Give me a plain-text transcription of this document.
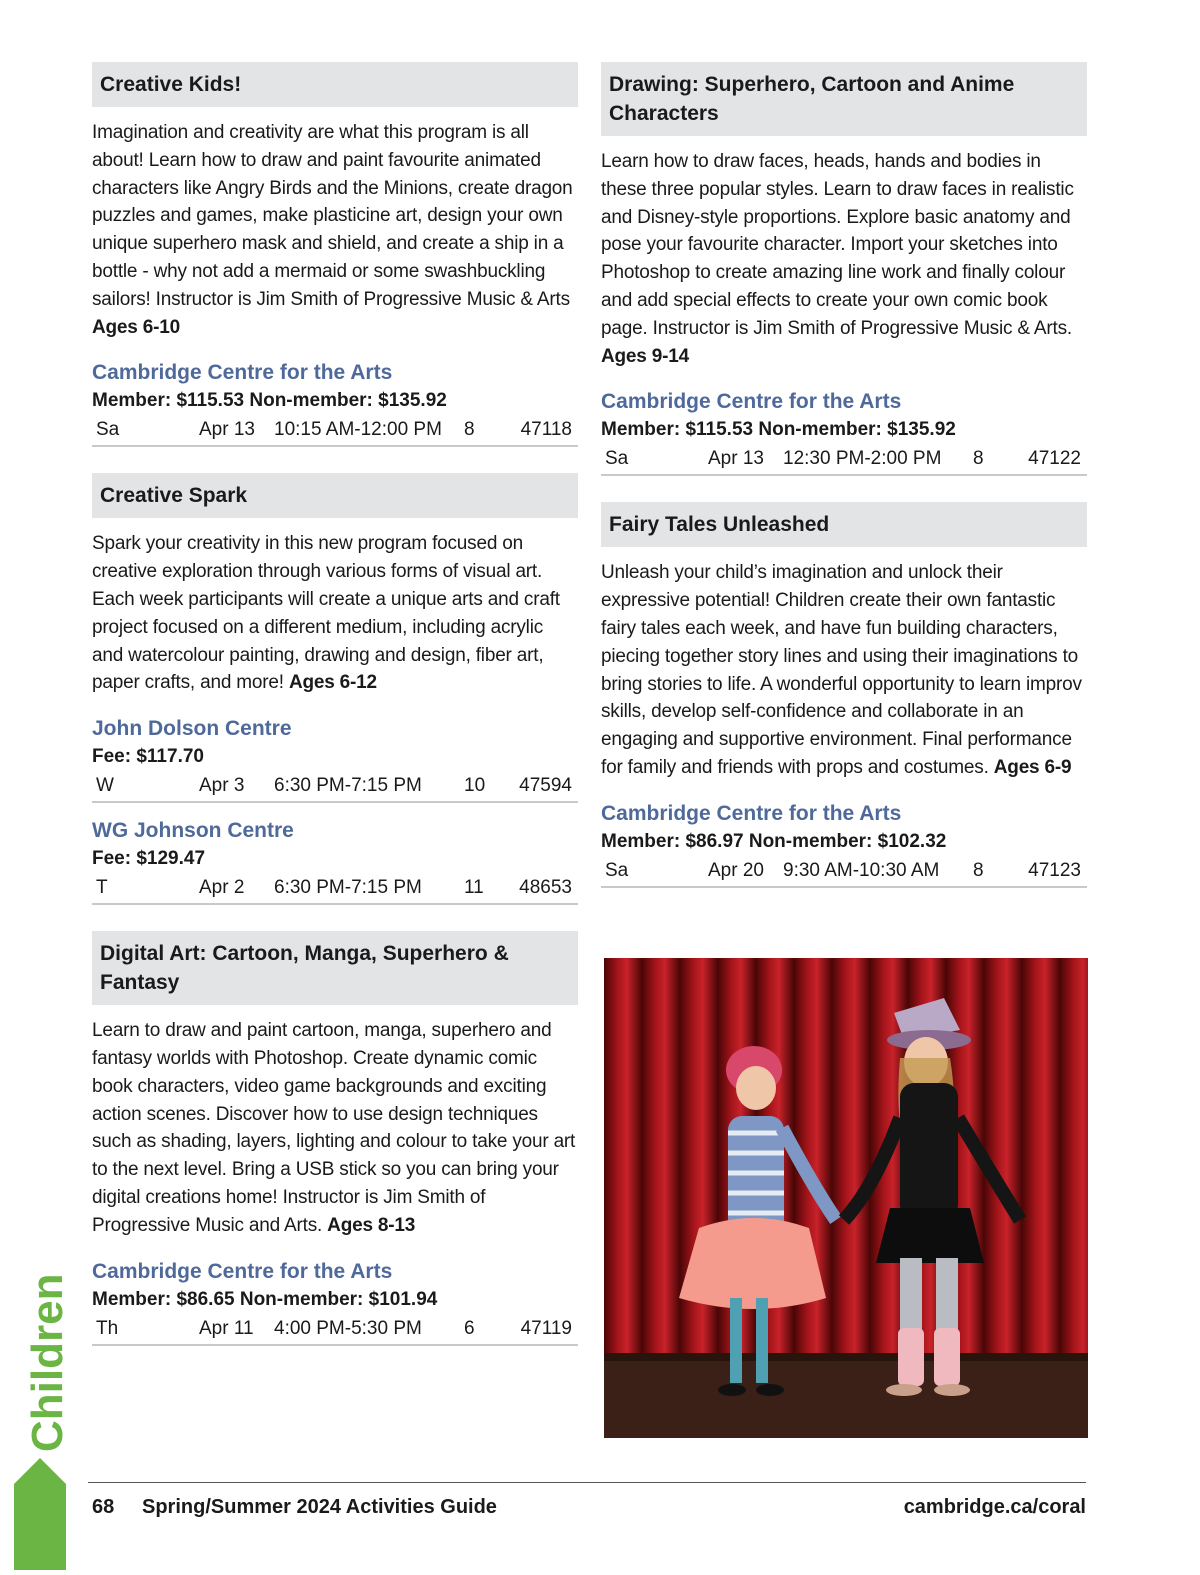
Creative Kids!

Imagination and creativity are what this program is all about! Learn how to draw and paint favourite animated characters like Angry Birds and the Minions, create dragon puzzles and games, make plasticine art, design your own unique superhero mask and shield, and create a ship in a bottle - why not add a mermaid or some swashbuckling sailors! Instructor is Jim Smith of Progressive Music & Arts Ages 6-10

Cambridge Centre for the Arts
Member: $115.53 Non-member: $135.92
Sa	Apr 13	10:15 AM-12:00 PM	8	47118
Creative Spark

Spark your creativity in this new program focused on creative exploration through various forms of visual art. Each week participants will create a unique arts and craft project focused on a different medium, including acrylic and watercolour painting, drawing and design, fiber art, paper crafts, and more! Ages 6-12

John Dolson Centre
Fee: $117.70
W	Apr 3	6:30 PM-7:15 PM	10	47594
WG Johnson Centre
Fee: $129.47
T	Apr 2	6:30 PM-7:15 PM	11	48653
Digital Art: Cartoon, Manga, Superhero & Fantasy

Learn to draw and paint cartoon, manga, superhero and fantasy worlds with Photoshop. Create dynamic comic book characters, video game backgrounds and exciting action scenes. Discover how to use design techniques such as shading, layers, lighting and colour to take your art to the next level. Bring a USB stick so you can bring your digital creations home! Instructor is Jim Smith of Progressive Music and Arts. Ages 8-13

Cambridge Centre for the Arts
Member: $86.65 Non-member: $101.94
Th	Apr 11	4:00 PM-5:30 PM	6	47119
Drawing: Superhero, Cartoon and Anime Characters

Learn how to draw faces, heads, hands and bodies in these three popular styles. Learn to draw faces in realistic and Disney-style proportions. Explore basic anatomy and pose your favourite character. Import your sketches into Photoshop to create amazing line work and finally colour and add special effects to create your own comic book page. Instructor is Jim Smith of Progressive Music & Arts. Ages 9-14

Cambridge Centre for the Arts
Member: $115.53 Non-member: $135.92
Sa	Apr 13	12:30 PM-2:00 PM	8	47122
Fairy Tales Unleashed

Unleash your child’s imagination and unlock their expressive potential! Children create their own fantastic fairy tales each week, and have fun building characters, piecing together story lines and using their imaginations to bring stories to life. A wonderful opportunity to learn improv skills, develop self-confidence and collaborate in an engaging and supportive environment. Final performance for family and friends with props and costumes. Ages 6-9

Cambridge Centre for the Arts
Member: $86.97 Non-member: $102.32
Sa	Apr 20	9:30 AM-10:30 AM	8	47123
Children
68	Spring/Summer 2024 Activities Guide	cambridge.ca/coral
